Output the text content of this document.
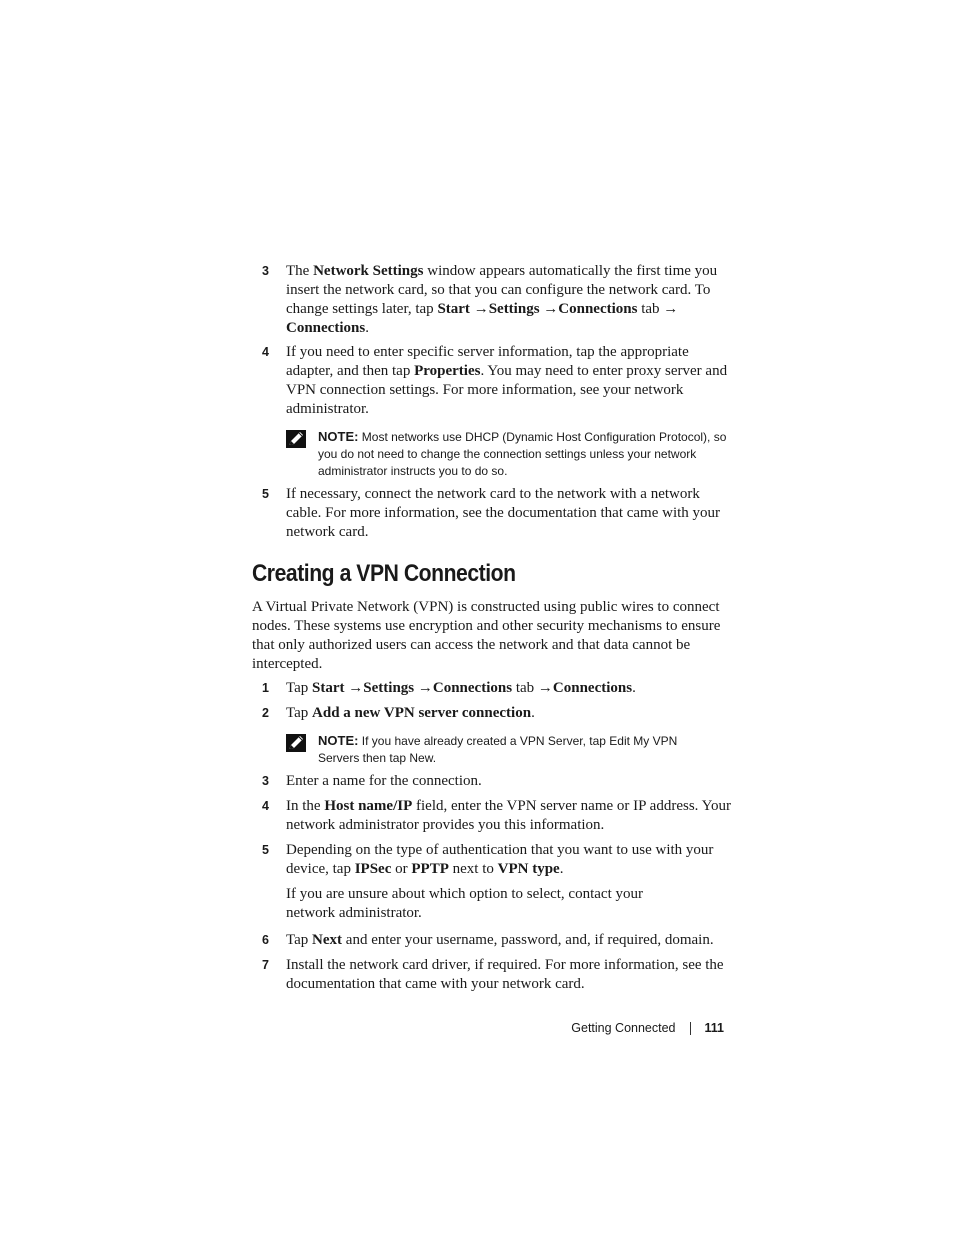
3 The Network Settings window appears automatically the first time you insert the network card, so that you can configure the network card. To change settings later, tap Start →Settings →Connections tab → Connections.
4 If you need to enter specific server information, tap the appropriate adapter, and then tap Properties. You may need to enter proxy server and VPN connection settings. For more information, see your network administrator.
NOTE: Most networks use DHCP (Dynamic Host Configuration Protocol), so you do not need to change the connection settings unless your network administrator instructs you to do so.
5 If necessary, connect the network card to the network with a network cable. For more information, see the documentation that came with your network card.
Creating a VPN Connection
A Virtual Private Network (VPN) is constructed using public wires to connect nodes. These systems use encryption and other security mechanisms to ensure that only authorized users can access the network and that data cannot be intercepted.
1 Tap Start →Settings →Connections tab →Connections.
2 Tap Add a new VPN server connection.
NOTE: If you have already created a VPN Server, tap Edit My VPN Servers then tap New.
3 Enter a name for the connection.
4 In the Host name/IP field, enter the VPN server name or IP address. Your network administrator provides you this information.
5 Depending on the type of authentication that you want to use with your device, tap IPSec or PPTP next to VPN type.
If you are unsure about which option to select, contact your network administrator.
6 Tap Next and enter your username, password, and, if required, domain.
7 Install the network card driver, if required. For more information, see the documentation that came with your network card.
Getting Connected 111
